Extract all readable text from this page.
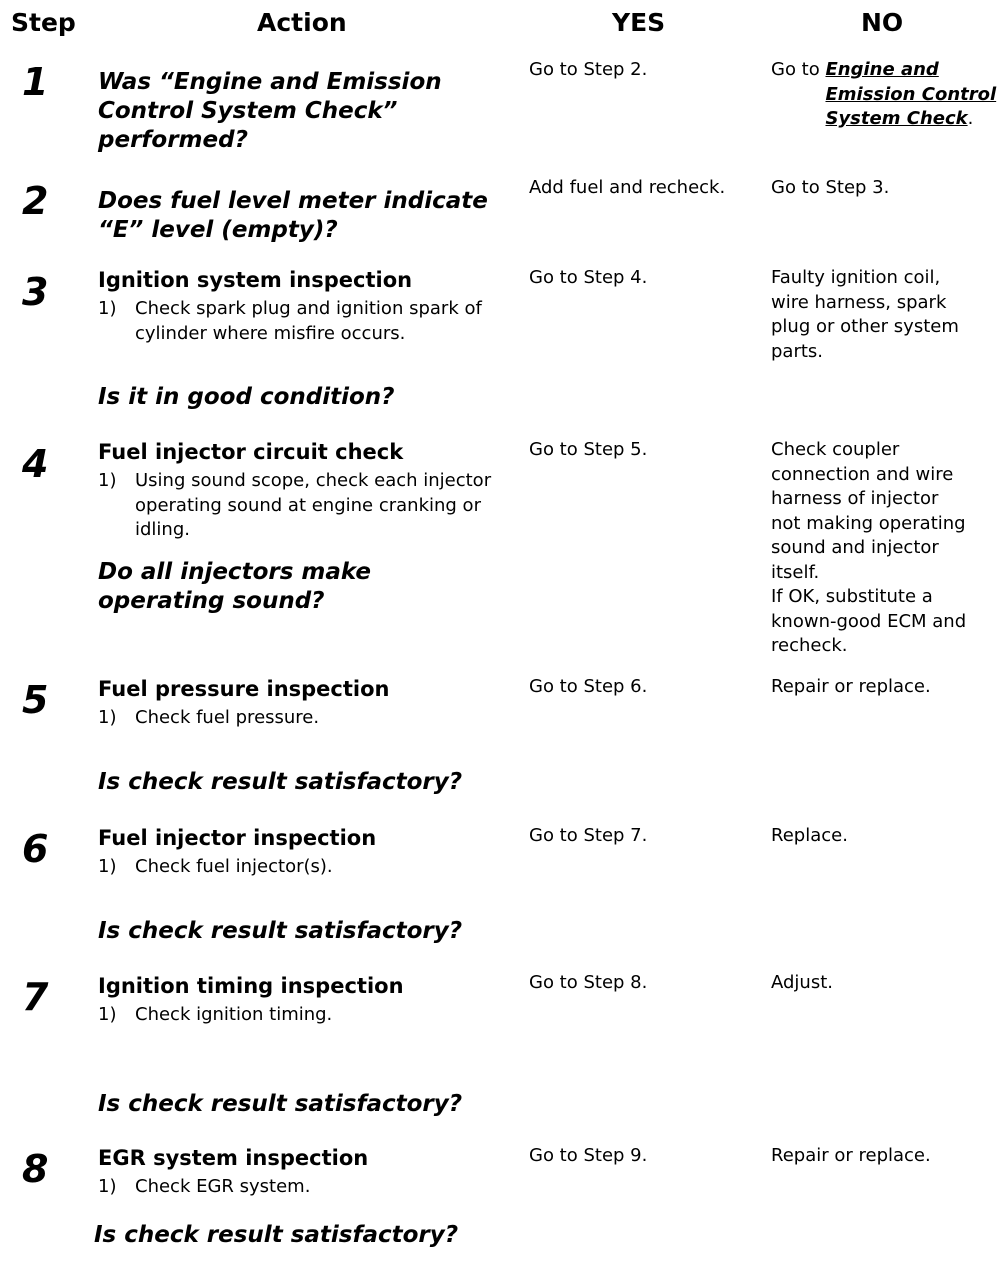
Step	Action	YES	NO
1 Was “Engine and Emission Control System Check” performed?
Go to Step 2.	Go to Engine and Emission Control System Check.
2 Does fuel level meter indicate “E” level (empty)?
Add fuel and recheck.	Go to Step 3.
3 Ignition system inspection
1)	Check spark plug and ignition spark of cylinder where misfire occurs.
Is it in good condition?
Go to Step 4.	Faulty ignition coil,
wire harness, spark
plug or other system
parts.
4 Fuel injector circuit check
1)	Using sound scope, check each injector operating sound at engine cranking or idling.
Do all injectors make operating sound?
Go to Step 5.	Check coupler
connection and wire
harness of injector
not making operating
sound and injector
itself.
If OK, substitute a
known-good ECM and
recheck.
5 Fuel pressure inspection
1)	Check fuel pressure.
Is check result satisfactory?
Go to Step 6.	Repair or replace.
6 Fuel injector inspection
1)	Check fuel injector(s).
Is check result satisfactory?
Go to Step 7.	Replace.
7 Ignition timing inspection
1)	Check ignition timing.
Is check result satisfactory?
Go to Step 8.	Adjust.
8 EGR system inspection
1)	Check EGR system.
Is check result satisfactory?
Go to Step 9.	Repair or replace.
